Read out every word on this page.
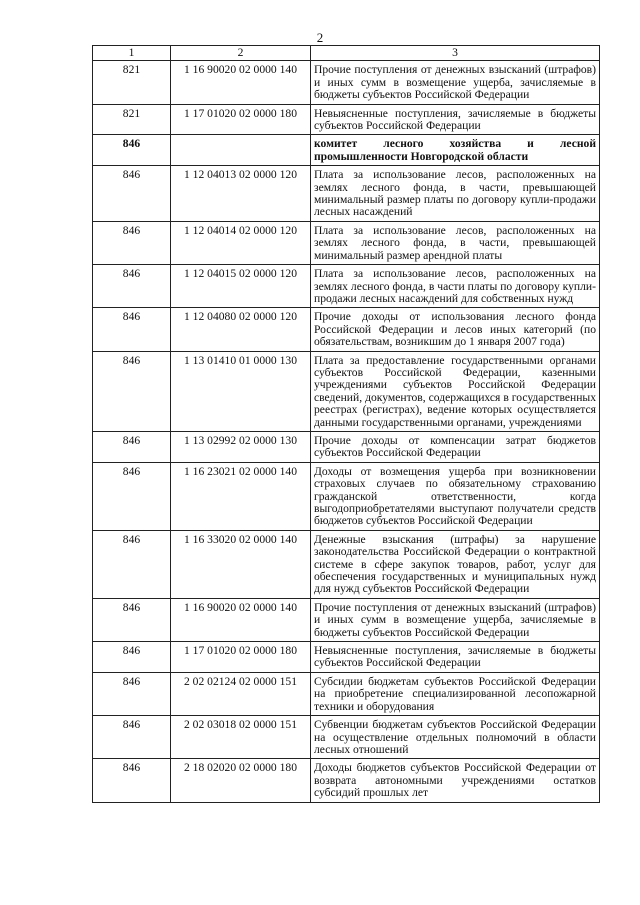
2
1	2	3
821	1 16 90020 02 0000 140	Прочие поступления от денежных взысканий (штрафов) и иных сумм в возмещение ущерба, зачисляемые в бюджеты субъектов Российской Федерации
821	1 17 01020 02 0000 180	Невыясненные поступления, зачисляемые в бюджеты субъектов Российской Федерации
846		комитет лесного хозяйства и лесной промышленности Новгородской области
846	1 12 04013 02 0000 120	Плата за использование лесов, расположенных на землях лесного фонда, в части, превышающей минимальный размер платы по договору купли-продажи лесных насаждений
846	1 12 04014 02 0000 120	Плата за использование лесов, расположенных на землях лесного фонда, в части, превышающей минимальный размер арендной платы
846	1 12 04015 02 0000 120	Плата за использование лесов, расположенных на землях лесного фонда, в части платы по договору купли-продажи лесных насаждений для собственных нужд
846	1 12 04080 02 0000 120	Прочие доходы от использования лесного фонда Российской Федерации и лесов иных категорий (по обязательствам, возникшим до 1 января 2007 года)
846	1 13 01410 01 0000 130	Плата за предоставление государственными органами субъектов Российской Федерации, казенными учреждениями субъектов Российской Федерации сведений, документов, содержащихся в государственных реестрах (регистрах), ведение которых осуществляется данными государственными органами, учреждениями
846	1 13 02992 02 0000 130	Прочие доходы от компенсации затрат бюджетов субъектов Российской Федерации
846	1 16 23021 02 0000 140	Доходы от возмещения ущерба при возникновении страховых случаев по обязательному страхованию гражданской ответственности, когда выгодоприобретателями выступают получатели средств бюджетов субъектов Российской Федерации
846	1 16 33020 02 0000 140	Денежные взыскания (штрафы) за нарушение законодательства Российской Федерации о контрактной системе в сфере закупок товаров, работ, услуг для обеспечения государственных и муниципальных нужд для нужд субъектов Российской Федерации
846	1 16 90020 02 0000 140	Прочие поступления от денежных взысканий (штрафов) и иных сумм в возмещение ущерба, зачисляемые в бюджеты субъектов Российской Федерации
846	1 17 01020 02 0000 180	Невыясненные поступления, зачисляемые в бюджеты субъектов Российской Федерации
846	2 02 02124 02 0000 151	Субсидии бюджетам субъектов Российской Федерации на приобретение специализированной лесопожарной техники и оборудования
846	2 02 03018 02 0000 151	Субвенции бюджетам субъектов Российской Федерации на осуществление отдельных полномочий в области лесных отношений
846	2 18 02020 02 0000 180	Доходы бюджетов субъектов Российской Федерации от возврата автономными учреждениями остатков субсидий прошлых лет
